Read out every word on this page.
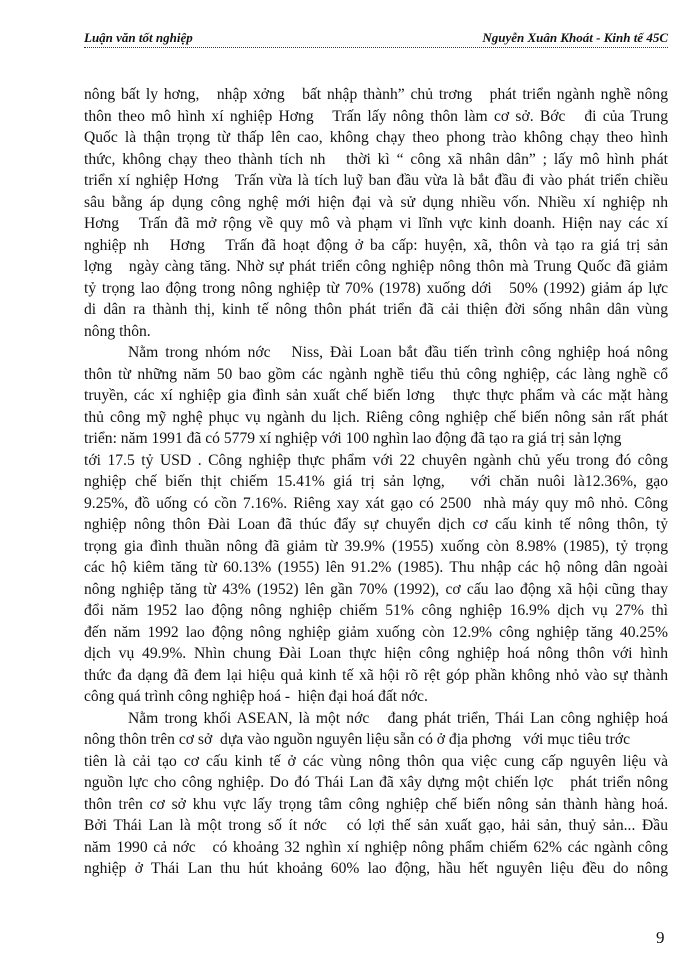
Luận văn tốt nghiệp	Nguyễn Xuân Khoát - Kinh tế 45C
nông bất ly hơng,   nhập xởng   bất nhập thành” chủ trơng   phát triển ngành nghề nông
thôn theo mô hình xí nghiệp Hơng   Trấn lấy nông thôn làm cơ sở. Bớc   đi của Trung
Quốc là thận trọng từ thấp lên cao, không chạy theo phong trào không chạy theo hình
thức, không chạy theo thành tích nh   thời kì “ công xã nhân dân” ; lấy mô hình phát
triển xí nghiệp Hơng   Trấn vừa là tích luỹ ban đầu vừa là bắt đầu đi vào phát triển chiều
sâu bằng áp dụng công nghệ mới hiện đại và sử dụng nhiều vốn. Nhiều xí nghiệp nh
Hơng   Trấn đã mở rộng về quy mô và phạm vi lĩnh vực kinh doanh. Hiện nay các xí
nghiệp nh   Hơng   Trấn đã hoạt động ở ba cấp: huyện, xã, thôn và tạo ra giá trị sản
lợng   ngày càng tăng. Nhờ sự phát triển công nghiệp nông thôn mà Trung Quốc đã giảm
tỷ trọng lao động trong nông nghiệp từ 70% (1978) xuống dới   50% (1992) giảm áp lực
di dân ra thành thị, kinh tế nông thôn phát triển đã cải thiện đời sống nhân dân vùng
nông thôn.
Nằm trong nhóm nớc   Niss, Đài Loan bắt đầu tiến trình công nghiệp hoá nông
thôn từ những năm 50 bao gồm các ngành nghề tiểu thủ công nghiệp, các làng nghề cổ
truyền, các xí nghiệp gia đình sản xuất chế biến lơng   thực thực phẩm và các mặt hàng
thủ công mỹ nghệ phục vụ ngành du lịch. Riêng công nghiệp chế biến nông sản rất phát
triển: năm 1991 đã có 5779 xí nghiệp với 100 nghìn lao động đã tạo ra giá trị sản lợng
tới 17.5 tỷ USD . Công nghiệp thực phẩm với 22 chuyên ngành chủ yếu trong đó công
nghiệp chế biến thịt chiếm 15.41% giá trị sản lợng,   với chăn nuôi là12.36%, gạo
9.25%, đồ uống có cồn 7.16%. Riêng xay xát gạo có 2500  nhà máy quy mô nhỏ. Công
nghiệp nông thôn Đài Loan đã thúc đẩy sự chuyển dịch cơ cấu kinh tế nông thôn, tỷ
trọng gia đình thuần nông đã giảm từ 39.9% (1955) xuống còn 8.98% (1985), tỷ trọng
các hộ kiêm tăng từ 60.13% (1955) lên 91.2% (1985). Thu nhập các hộ nông dân ngoài
nông nghiệp tăng từ 43% (1952) lên gần 70% (1992), cơ cấu lao động xã hội cũng thay
đổi năm 1952 lao động nông nghiệp chiếm 51% công nghiệp 16.9% dịch vụ 27% thì
đến năm 1992 lao động nông nghiệp giảm xuống còn 12.9% công nghiệp tăng 40.25%
dịch vụ 49.9%. Nhìn chung Đài Loan thực hiện công nghiệp hoá nông thôn với hình
thức đa dạng đã đem lại hiệu quả kinh tế xã hội rõ rệt góp phần không nhỏ vào sự thành
công quá trình công nghiệp hoá -  hiện đại hoá đất nớc.
Nằm trong khối ASEAN, là một nớc   đang phát triển, Thái Lan công nghiệp hoá
nông thôn trên cơ sở  dựa vào nguồn nguyên liệu sẵn có ở địa phơng   với mục tiêu trớc
tiên là cải tạo cơ cấu kinh tế ở các vùng nông thôn qua việc cung cấp nguyên liệu và
nguồn lực cho công nghiệp. Do đó Thái Lan đã xây dựng một chiến lợc   phát triển nông
thôn trên cơ sở khu vực lấy trọng tâm công nghiệp chế biến nông sản thành hàng hoá.
Bởi Thái Lan là một trong số ít nớc   có lợi thế sản xuất gạo, hải sản, thuỷ sản... Đầu
năm 1990 cả nớc   có khoảng 32 nghìn xí nghiệp nông phẩm chiếm 62% các ngành công
nghiệp ở Thái Lan thu hút khoảng 60% lao động, hầu hết nguyên liệu đều do nông
9
